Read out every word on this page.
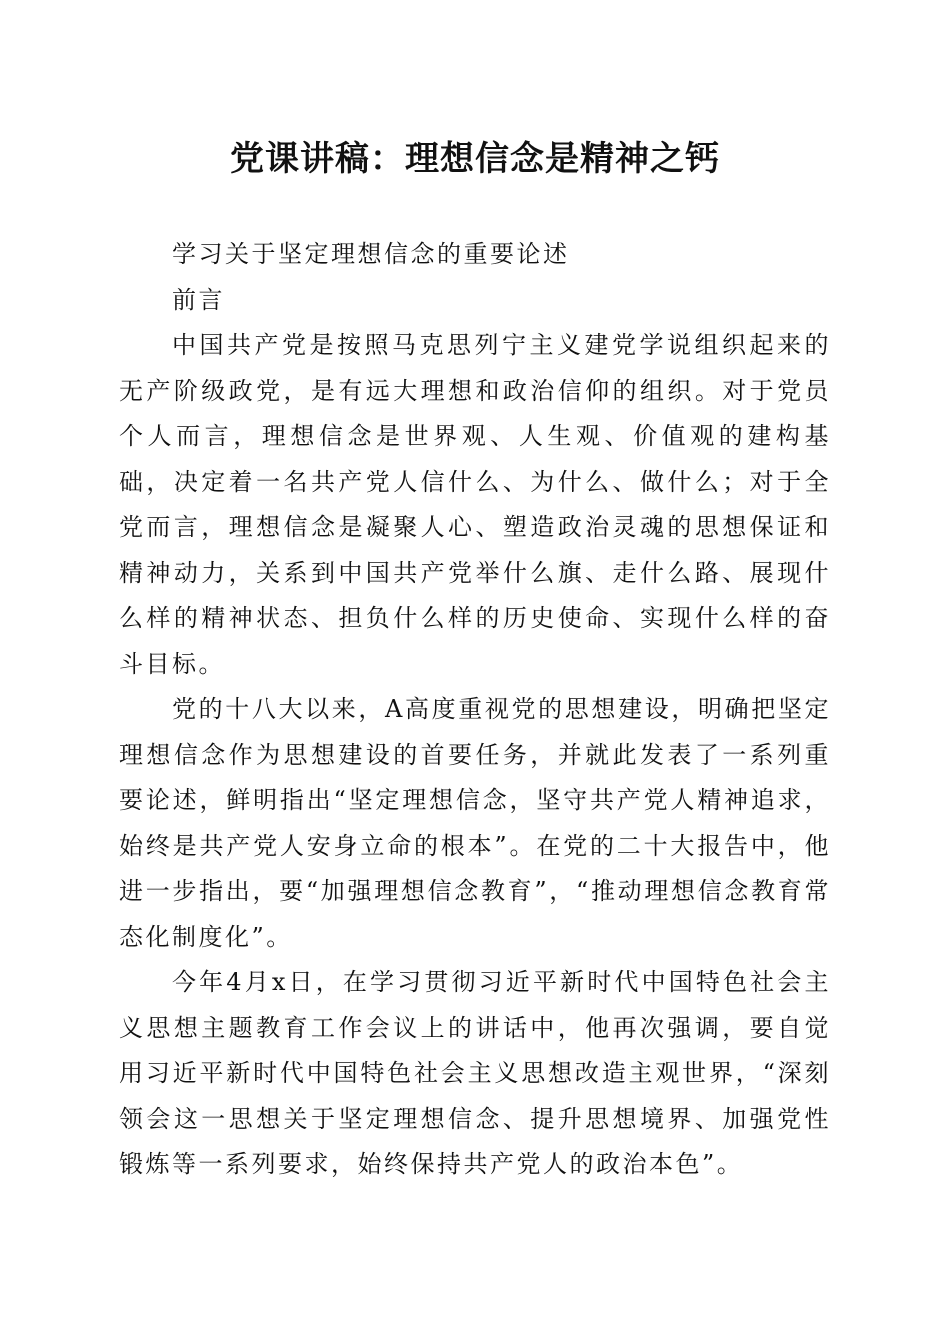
党课讲稿：理想信念是精神之钙

学习关于坚定理想信念的重要论述

前言

中国共产党是按照马克思列宁主义建党学说组织起来的无产阶级政党，是有远大理想和政治信仰的组织。对于党员个人而言，理想信念是世界观、人生观、价值观的建构基础，决定着一名共产党人信什么、为什么、做什么；对于全党而言，理想信念是凝聚人心、塑造政治灵魂的思想保证和精神动力，关系到中国共产党举什么旗、走什么路、展现什么样的精神状态、担负什么样的历史使命、实现什么样的奋斗目标。

党的十八大以来，A高度重视党的思想建设，明确把坚定理想信念作为思想建设的首要任务，并就此发表了一系列重要论述，鲜明指出“坚定理想信念，坚守共产党人精神追求，始终是共产党人安身立命的根本”。在党的二十大报告中，他进一步指出，要“加强理想信念教育”，“推动理想信念教育常态化制度化”。

今年4月x日，在学习贯彻习近平新时代中国特色社会主义思想主题教育工作会议上的讲话中，他再次强调，要自觉用习近平新时代中国特色社会主义思想改造主观世界，“深刻领会这一思想关于坚定理想信念、提升思想境界、加强党性锻炼等一系列要求，始终保持共产党人的政治本色”。
